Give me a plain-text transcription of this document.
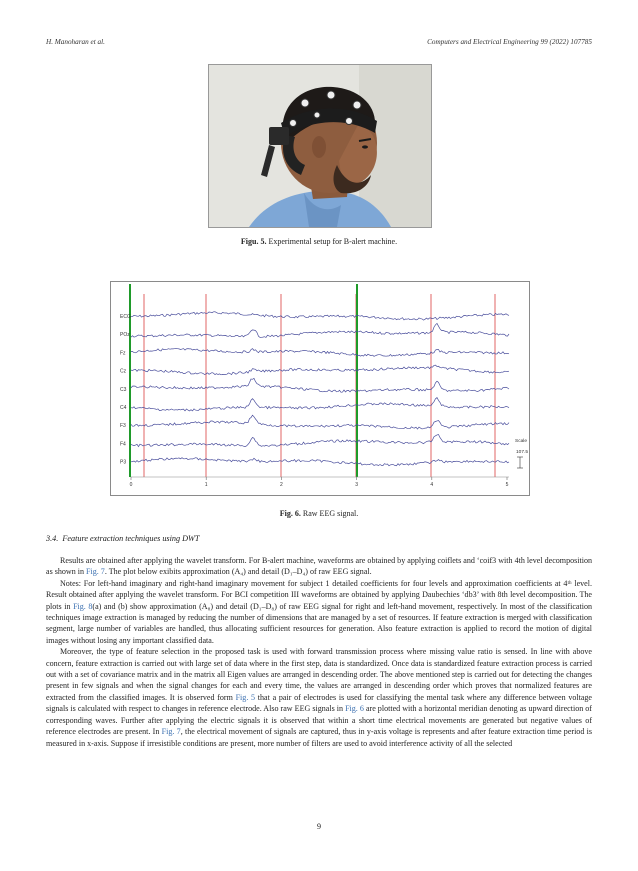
H. Manoharan et al.	Computers and Electrical Engineering 99 (2022) 107785
Figu. 5. Experimental setup for B-alert machine.
ECG
POz
Fz
Cz
C3
C4
F3
F4
P3
0	1	2	3	4	5
Scale
107.5
Fig. 6. Raw EEG signal.
3.4. Feature extraction techniques using DWT

Results are obtained after applying the wavelet transform. For B-alert machine, waveforms are obtained by applying coiflets and ‘coif3 with 4th level decomposition as shown in Fig. 7. The plot below exibits approximation (A₄) and detail (D₁–D₄) of raw EEG signal.

Notes: For left-hand imaginary and right-hand imaginary movement for subject 1 detailed coefficients for four levels and approximation coefficients at 4ᵗʰ level. Result obtained after applying the wavelet transform. For BCI competition III waveforms are obtained by applying Daubechies ‘db3’ with 8th level decomposition. The plots in Fig. 8(a) and (b) show approximation (A₈) and detail (D₁–D₈) of raw EEG signal for right and left-hand movement, respectively. In most of the classification techniques image extraction is managed by reducing the number of dimensions that are managed by a set of resources. If feature extraction is merged with classification segment, large number of variables are handled, thus allocating sufficient resources for generation. Also feature extraction is applied to record the motion of digital images without losing any important classified data.

Moreover, the type of feature selection in the proposed task is used with forward transmission process where missing value ratio is sensed. In line with above concern, feature extraction is carried out with large set of data where in the first step, data is standardized. Once data is standardized feature extraction process is carried out with a set of covariance matrix and in the matrix all Eigen values are arranged in descending order. The above mentioned step is carried out for detecting the changes present in few signals and when the signal changes for each and every time, the values are arranged in descending order which proves that normalized features are extracted from the classified images. It is observed form Fig. 5 that a pair of electrodes is used for classifying the mental task where any difference between voltage signals is calculated with respect to changes in reference electrode. Also raw EEG signals in Fig. 6 are plotted with a horizontal meridian denoting as upward direction of corresponding waves. Further after applying the electric signals it is observed that within a short time electrical movements are generated but negative values of reference electrodes are present. In Fig. 7, the electrical movement of signals are captured, thus in y-axis voltage is represents and after feature extraction time period is measured in x-axis. Suppose if irresistible conditions are present, more number of filters are used to avoid interference activity of all the selected

9
